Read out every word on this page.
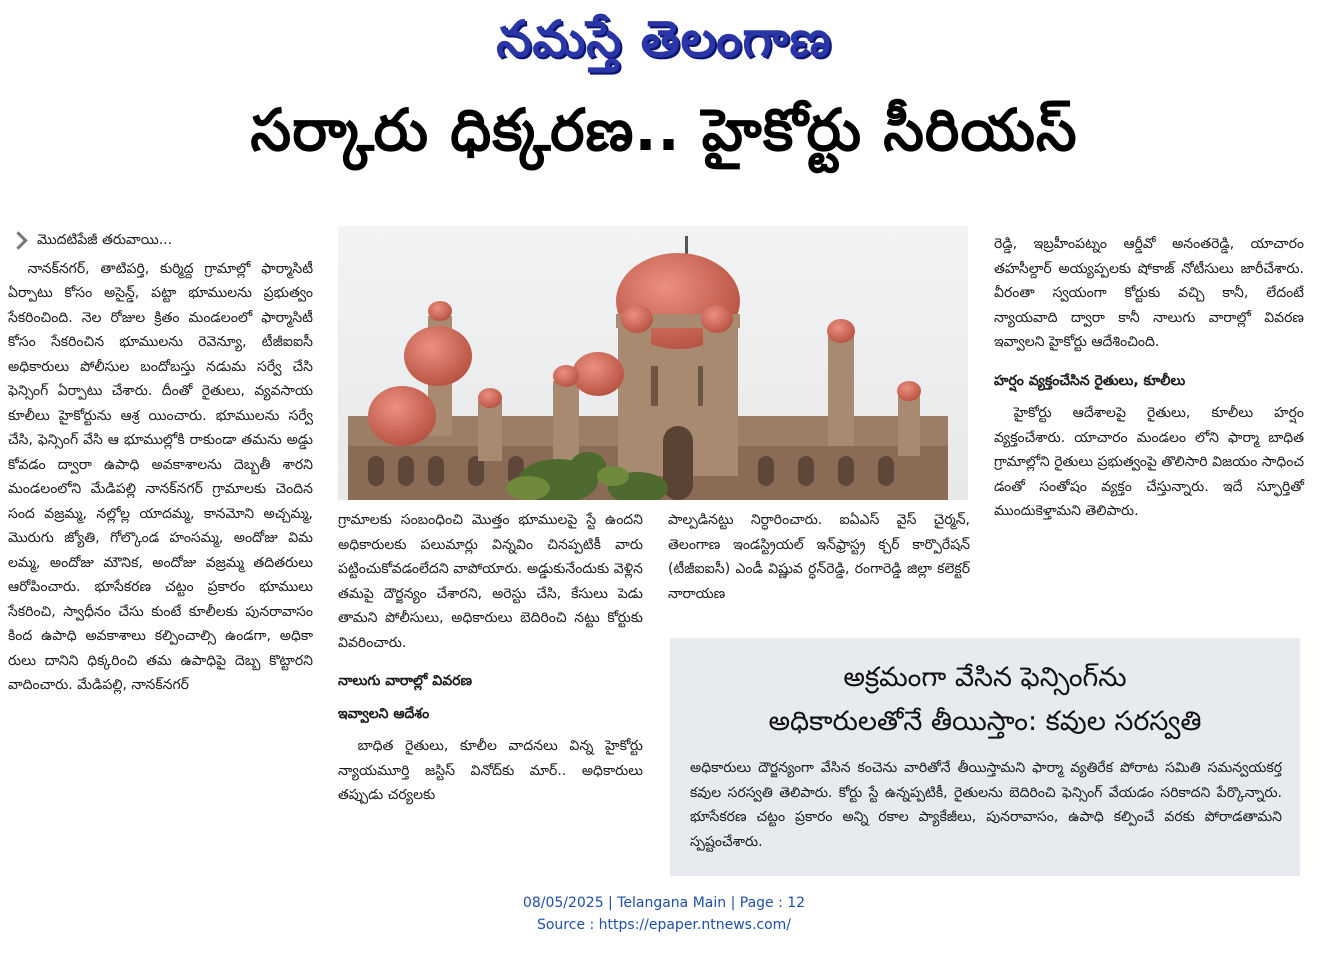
నమస్తే తెలంగాణ
సర్కారు ధిక్కరణ.. హైకోర్టు సీరియస్
మొదటిపేజీ తరువాయి...

నానక్‌నగర్, తాటిపర్తి, కుర్మిద్ద గ్రామాల్లో ఫార్మాసిటీ ఏర్పాటు కోసం అసైన్డ్, పట్టా భూములను ప్రభుత్వం సేకరించింది. నెల రోజుల క్రితం మండలంలో ఫార్మాసిటీ కోసం సేకరించిన భూములను రెవెన్యూ, టీజీఐఐసీ అధికారులు పోలీసుల బందోబస్తు నడుమ సర్వే చేసి ఫెన్సింగ్ ఏర్పాటు చేశారు. దీంతో రైతులు, వ్యవసాయ కూలీలు హైకోర్టును ఆశ్ర యించారు. భూములను సర్వే చేసి, ఫెన్సింగ్ వేసి ఆ భూముల్లోకి రాకుండా తమను అడ్డు కోవడం ద్వారా ఉపాధి అవకాశాలను దెబ్బతీ శారని మండలంలోని మేడిపల్లి నానక్‌నగర్ గ్రామాలకు చెందిన సంద వజ్రమ్మ, నల్లోల్ల యాదమ్మ, కానమోని అచ్చమ్మ, మొరుగు జ్యోతి, గోల్కొండ హంసమ్మ, అందోజు విమ లమ్మ, అందోజు మౌనిక, అందోజు వజ్రమ్మ తదితరులు ఆరోపించారు. భూసేకరణ చట్టం ప్రకారం భూములు సేకరించి, స్వాధీనం చేసు కుంటే కూలీలకు పునరావాసం కింద ఉపాధి అవకాశాలు కల్పించాల్సి ఉండగా, అధికా రులు దానిని ధిక్కరించి తమ ఉపాధిపై దెబ్బ కొట్టారని వాదించారు. మేడిపల్లి, నానక్‌నగర్

గ్రామాలకు సంబంధించి మొత్తం భూములపై స్టే ఉందని అధికారులకు పలుమార్లు విన్నవిం చినప్పటికీ వారు పట్టించుకోవడంలేదని వాపోయారు. అడ్డుకునేందుకు వెళ్లిన తమపై దౌర్జన్యం చేశారని, అరెస్టు చేసి, కేసులు పెడు తామని పోలీసులు, అధికారులు బెదిరించి నట్టు కోర్టుకు వివరించారు.

నాలుగు వారాల్లో వివరణ
ఇవ్వాలని ఆదేశం

బాధిత రైతులు, కూలీల వాదనలు విన్న హైకోర్టు న్యాయమూర్తి జస్టిస్ వినోద్‌కు మార్.. అధికారులు తప్పుడు చర్యలకు

పాల్పడినట్టు నిర్ధారించారు. ఐఏఎస్ వైస్ చైర్మన్, తెలంగాణ ఇండస్ట్రియల్ ఇన్‌ఫ్రాస్ట్ర క్చర్ కార్పొరేషన్ (టీజీఐఐసీ) ఎండీ విష్ణువ ర్ధన్‌రెడ్డి, రంగారెడ్డి జిల్లా కలెక్టర్ నారాయణ

రెడ్డి, ఇబ్రహీంపట్నం ఆర్డీవో అనంతరెడ్డి, యాచారం తహసీల్దార్ అయ్యప్పలకు షోకాజ్ నోటీసులు జారీచేశారు. వీరంతా స్వయంగా కోర్టుకు వచ్చి కానీ, లేదంటే న్యాయవాది ద్వారా కానీ నాలుగు వారాల్లో వివరణ ఇవ్వాలని హైకోర్టు ఆదేశించింది.

హర్షం వ్యక్తంచేసిన రైతులు, కూలీలు

హైకోర్టు ఆదేశాలపై రైతులు, కూలీలు హర్షం వ్యక్తంచేశారు. యాచారం మండలం లోని ఫార్మా బాధిత గ్రామాల్లోని రైతులు ప్రభుత్వంపై తొలిసారి విజయం సాధించ డంతో సంతోషం వ్యక్తం చేస్తున్నారు. ఇదే స్ఫూర్తితో ముందుకెళ్తామని తెలిపారు.

అక్రమంగా వేసిన ఫెన్సింగ్‌ను
అధికారులతోనే తీయిస్తాం: కవుల సరస్వతి
అధికారులు దౌర్జన్యంగా వేసిన కంచెను వారితోనే తీయిస్తామని ఫార్మా వ్యతిరేక పోరాట సమితి సమన్వయకర్త కవుల సరస్వతి తెలిపారు. కోర్టు స్టే ఉన్నప్పటికీ, రైతులను బెదిరించి ఫెన్సింగ్ వేయడం సరికాదని పేర్కొన్నారు. భూసేకరణ చట్టం ప్రకారం అన్ని రకాల ప్యాకేజీలు, పునరావాసం, ఉపాధి కల్పించే వరకు పోరాడతామని స్పష్టంచేశారు.
08/05/2025 | Telangana Main | Page : 12
Source : https://epaper.ntnews.com/
